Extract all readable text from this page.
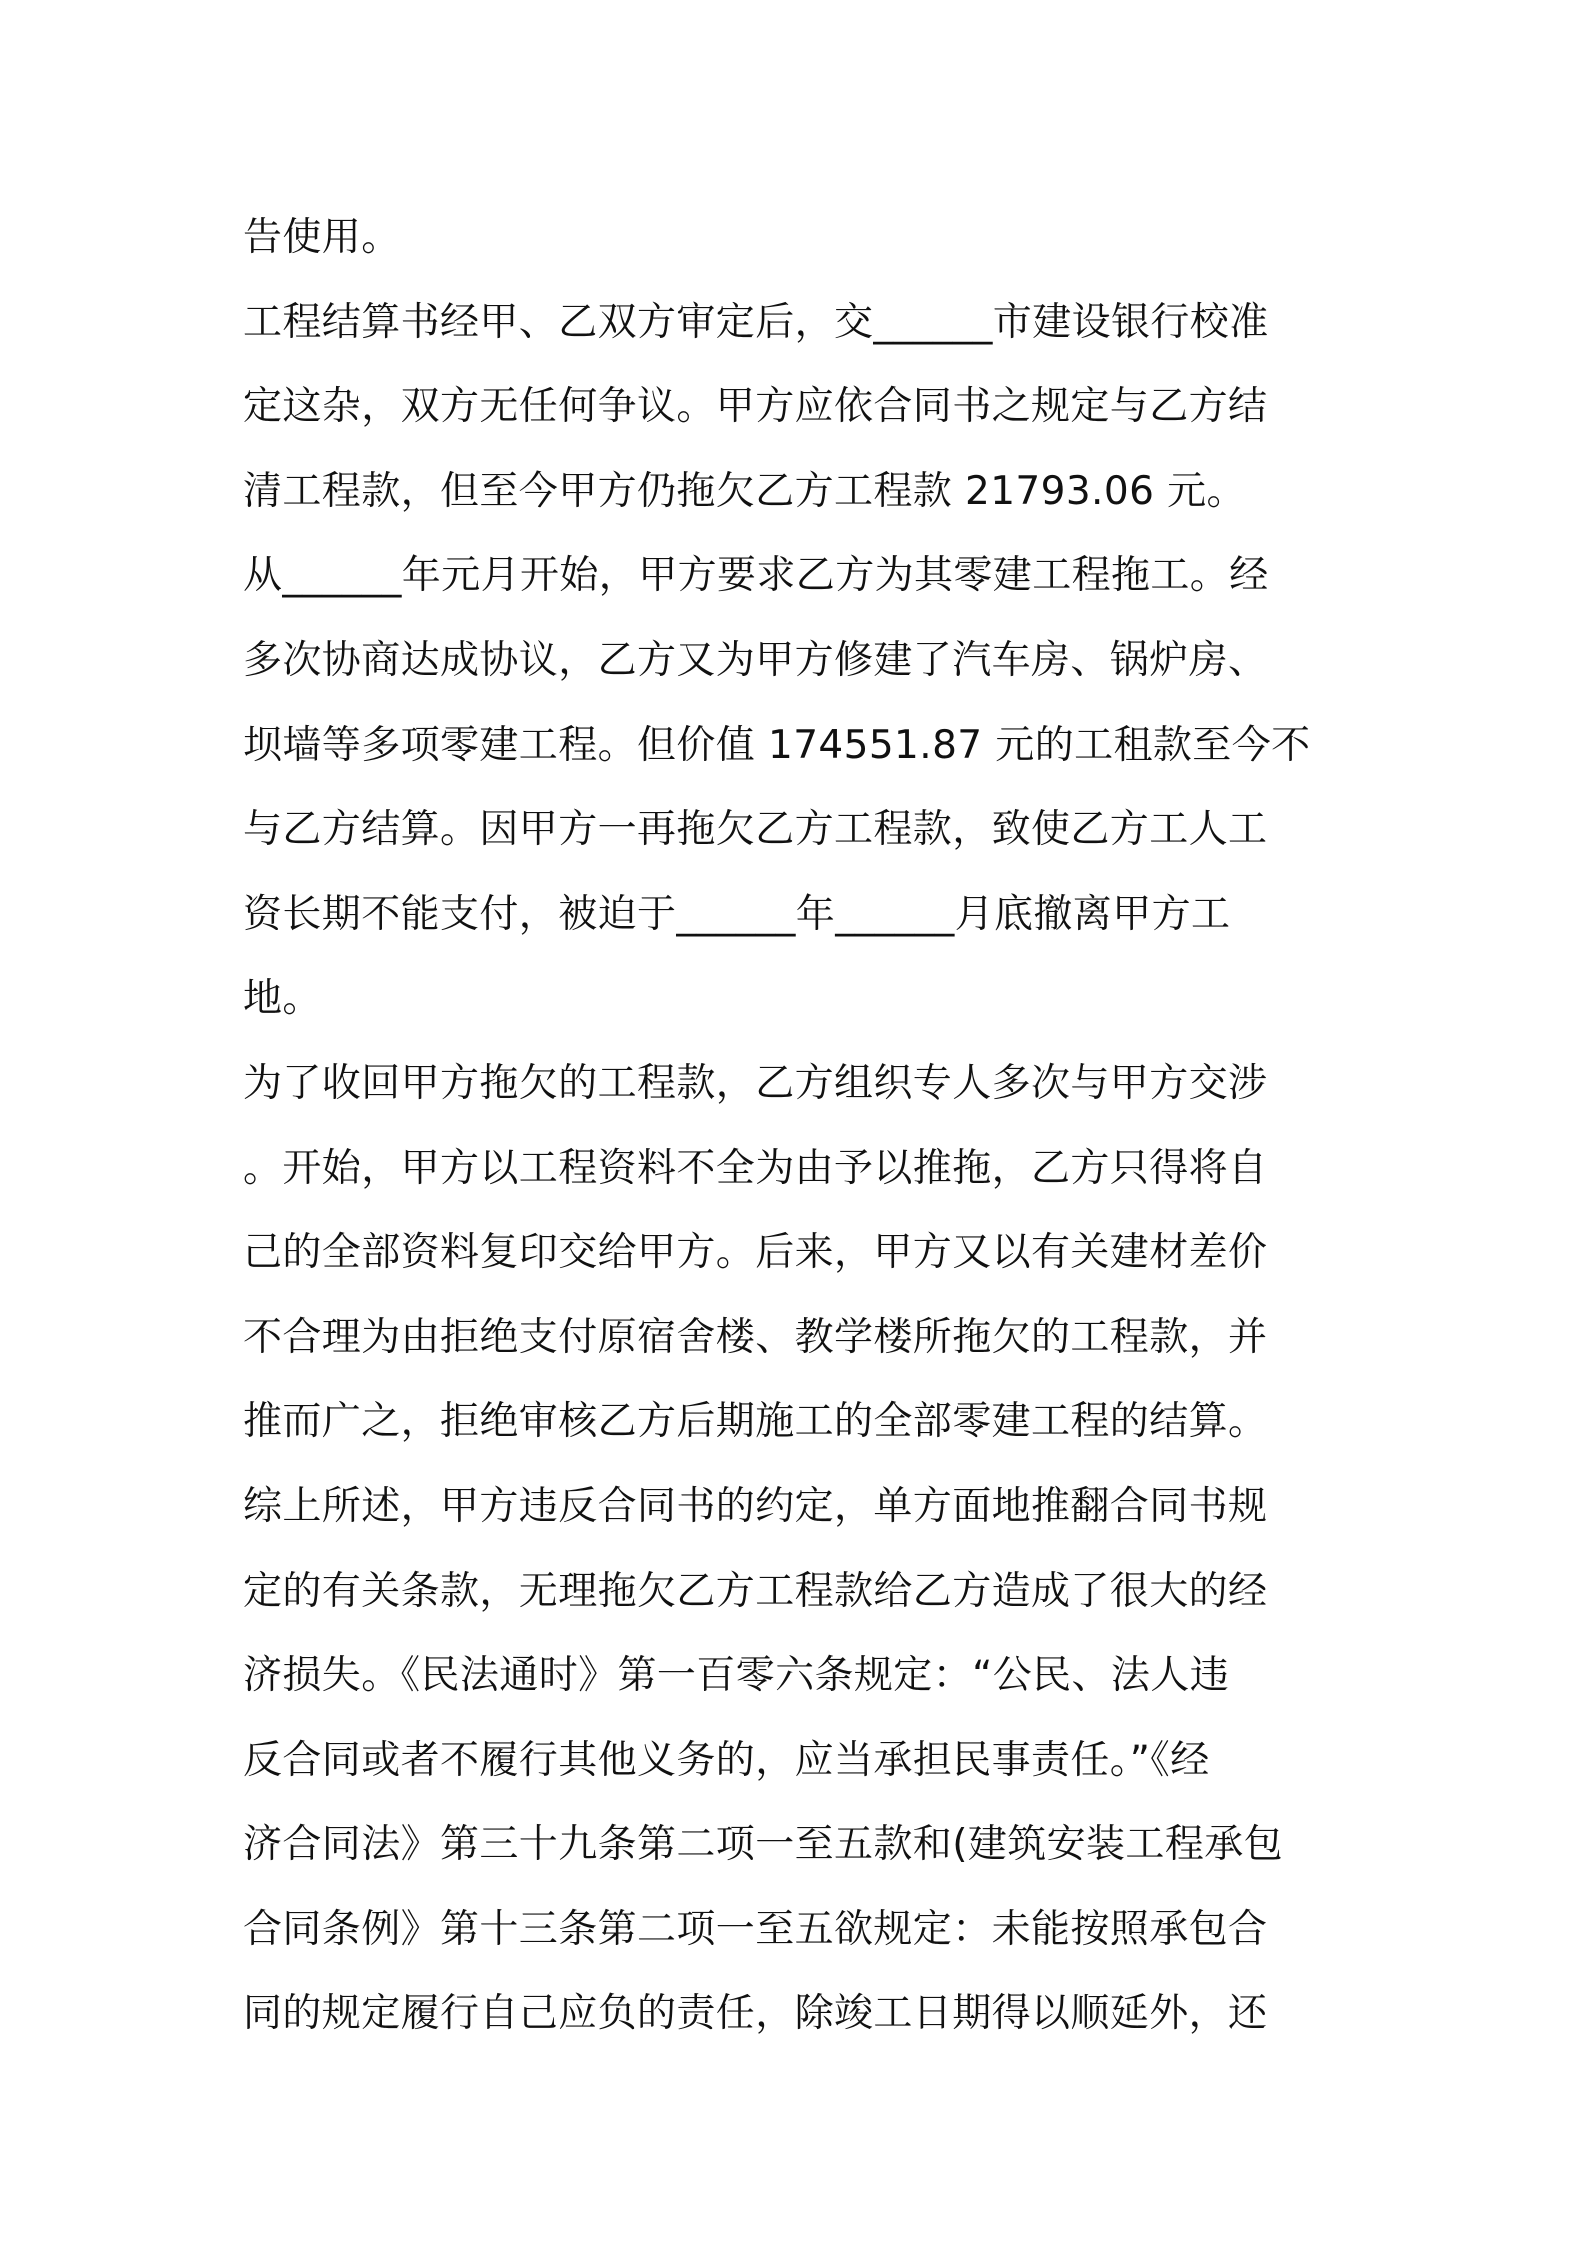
告使用。
工程结算书经甲、乙双方审定后，交______市建设银行校准
定这杂，双方无任何争议。甲方应依合同书之规定与乙方结
清工程款，但至今甲方仍拖欠乙方工程款 21793.06 元。
从______年元月开始，甲方要求乙方为其零建工程拖工。经
多次协商达成协议，乙方又为甲方修建了汽车房、锅炉房、
坝墙等多项零建工程。但价值 174551.87 元的工租款至今不
与乙方结算。因甲方一再拖欠乙方工程款，致使乙方工人工
资长期不能支付，被迫于______年______月底撤离甲方工
地。
为了收回甲方拖欠的工程款，乙方组织专人多次与甲方交涉
。开始，甲方以工程资料不全为由予以推拖，乙方只得将自
己的全部资料复印交给甲方。后来，甲方又以有关建材差价
不合理为由拒绝支付原宿舍楼、教学楼所拖欠的工程款，并
推而广之，拒绝审核乙方后期施工的全部零建工程的结算。
综上所述，甲方违反合同书的约定，单方面地推翻合同书规
定的有关条款，无理拖欠乙方工程款给乙方造成了很大的经
济损失。《民法通时》第一百零六条规定：“公民、法人违
反合同或者不履行其他义务的，应当承担民事责任。”《经
济合同法》第三十九条第二项一至五款和(建筑安装工程承包
合同条例》第十三条第二项一至五欲规定：未能按照承包合
同的规定履行自己应负的责任，除竣工日期得以顺延外，还
